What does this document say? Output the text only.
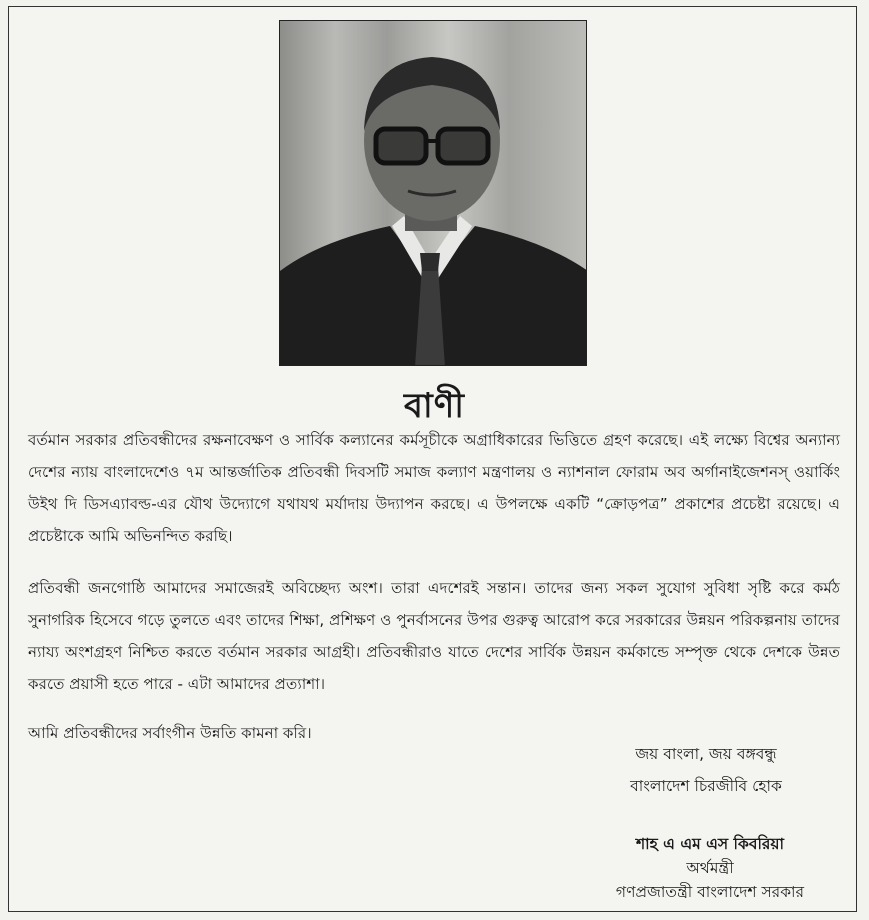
বাণী

বর্তমান সরকার প্রতিবন্ধীদের রক্ষনাবেক্ষণ ও সার্বিক কল্যানের কর্মসূচীকে অগ্রাধিকারের ভিত্তিতে গ্রহণ করেছে। এই লক্ষ্যে বিশ্বের অন্যান্য দেশের ন্যায় বাংলাদেশেও ৭ম আন্তর্জাতিক প্রতিবন্ধী দিবসটি সমাজ কল্যাণ মন্ত্রণালয় ও ন্যাশনাল ফোরাম অব অর্গানাইজেশনস্ ওয়ার্কিং উইথ দি ডিসএ্যাবল্ড-এর যৌথ উদ্যোগে যথাযথ মর্যাদায় উদ্যাপন করছে। এ উপলক্ষে একটি “ক্রোড়পত্র” প্রকাশের প্রচেষ্টা রয়েছে। এ প্রচেষ্টাকে আমি অভিনন্দিত করছি।

প্রতিবন্ধী জনগোষ্ঠি আমাদের সমাজেরই অবিচ্ছেদ্য অংশ। তারা এদশেরই সন্তান। তাদের জন্য সকল সুযোগ সুবিধা সৃষ্টি করে কর্মঠ সুনাগরিক হিসেবে গড়ে তুলতে এবং তাদের শিক্ষা, প্রশিক্ষণ ও পুনর্বাসনের উপর গুরুত্ব আরোপ করে সরকারের উন্নয়ন পরিকল্পনায় তাদের ন্যায্য অংশগ্রহণ নিশ্চিত করতে বর্তমান সরকার আগ্রহী। প্রতিবন্ধীরাও যাতে দেশের সার্বিক উন্নয়ন কর্মকান্ডে সম্পৃক্ত থেকে দেশকে উন্নত করতে প্রয়াসী হতে পারে - এটা আমাদের প্রত্যাশা।

আমি প্রতিবন্ধীদের সর্বাংগীন উন্নতি কামনা করি।

জয় বাংলা, জয় বঙ্গবন্ধু
বাংলাদেশ চিরজীবি হোক
শাহ এ এম এস কিবরিয়া
অর্থমন্ত্রী
গণপ্রজাতন্ত্রী বাংলাদেশ সরকার
